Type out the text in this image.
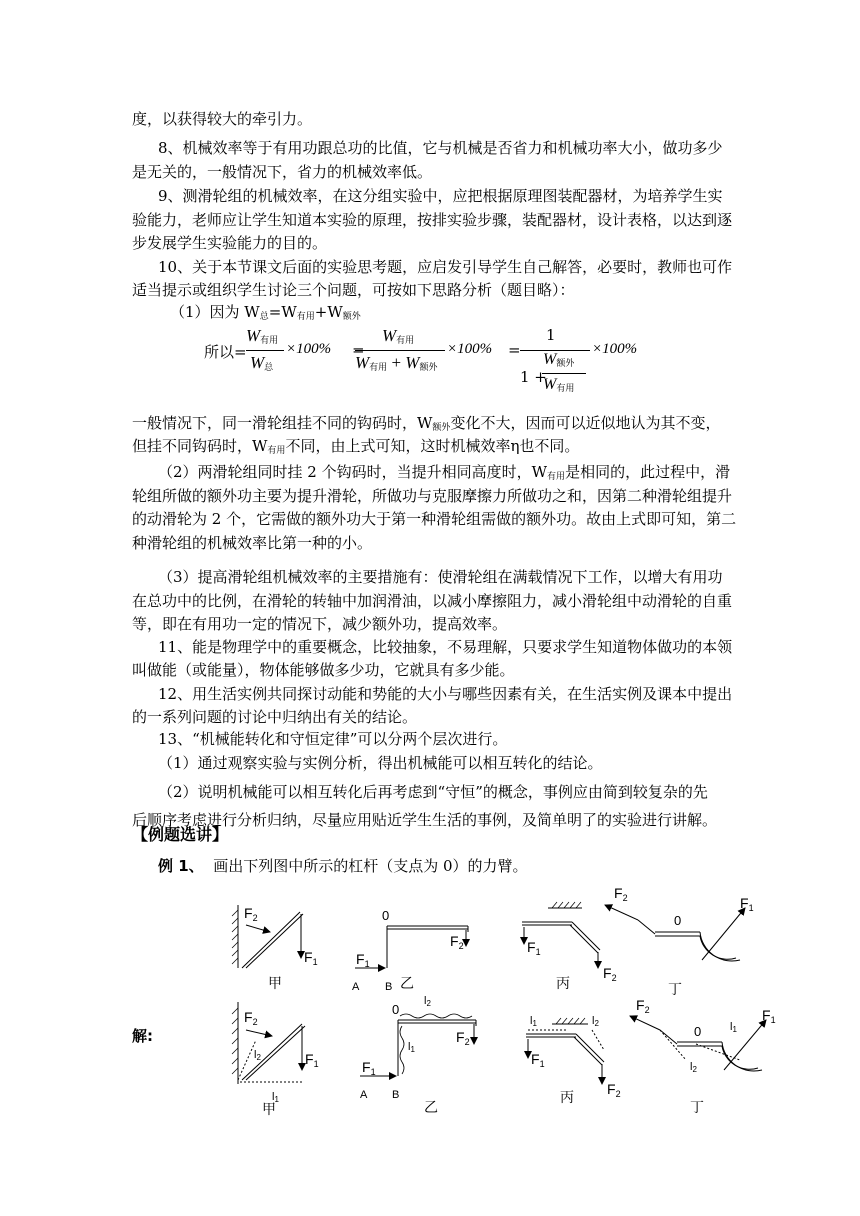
度，以获得较大的牵引力。
8、机械效率等于有用功跟总功的比值，它与机械是否省力和机械功率大小，做功多少
是无关的，一般情况下，省力的机械效率低。
9、测滑轮组的机械效率，在这分组实验中，应把根据原理图装配器材，为培养学生实
验能力，老师应让学生知道本实验的原理，按排实验步骤，装配器材，设计表格，以达到逐
步发展学生实验能力的目的。
10、关于本节课文后面的实验思考题，应启发引导学生自己解答，必要时，教师也可作
适当提示或组织学生讨论三个问题，可按如下思路分析（题目略）：
（1）因为 $W_总=W_{有用}+W_{额外}$
所以=
$W_{有用}$
$W_总$
×100% =
$W_{有用}$
$W_{有用} + W_{额外}$
×100% =
1
1 +
$W_{额外}$
$W_{有用}$
×100%
一般情况下，同一滑轮组挂不同的钩码时，$W_{额外}$变化不大，因而可以近似地认为其不变，
但挂不同钩码时，$W_{有用}$不同，由上式可知，这时机械效率η也不同。
（2）两滑轮组同时挂 2 个钩码时，当提升相同高度时，$W_{有用}$是相同的，此过程中，滑
轮组所做的额外功主要为提升滑轮，所做功与克服摩擦力所做功之和，因第二种滑轮组提升
的动滑轮为 2 个，它需做的额外功大于第一种滑轮组需做的额外功。故由上式即可知，第二
种滑轮组的机械效率比第一种的小。
（3）提高滑轮组机械效率的主要措施有：使滑轮组在满载情况下工作，以增大有用功
在总功中的比例，在滑轮的转轴中加润滑油，以减小摩擦阻力，减小滑轮组中动滑轮的自重
等，即在有用功一定的情况下，减少额外功，提高效率。
11、能是物理学中的重要概念，比较抽象，不易理解，只要求学生知道物体做功的本领
叫做能（或能量），物体能够做多少功，它就具有多少能。
12、用生活实例共同探讨动能和势能的大小与哪些因素有关，在生活实例及课本中提出
的一系列问题的讨论中归纳出有关的结论。
13、“机械能转化和守恒定律”可以分两个层次进行。
（1）通过观察实验与实例分析，得出机械能可以相互转化的结论。
（2）说明机械能可以相互转化后再考虑到“守恒”的概念，事例应由简到较复杂的先
后顺序考虑进行分析归纳，尽量应用贴近学生生活的事例，及简单明了的实验进行讲解。
【例题选讲】
例 1、 画出下列图中所示的杠杆（支点为 0）的力臂。
解:
$F_2$
$F_1$
甲
0
$F_2$
$F_1$
A B 乙
$F_1$
$F_2$
丙
$F_2$	$F_1$
0
丁
$F_2$
$F_1$
l2
l1
甲
0
l2
l1
$F_2$
$F_1$
A B
乙
l1	l2
$F_1$
$F_2$
丙
$F_2$	$F_1$
0	l1
l2
丁
